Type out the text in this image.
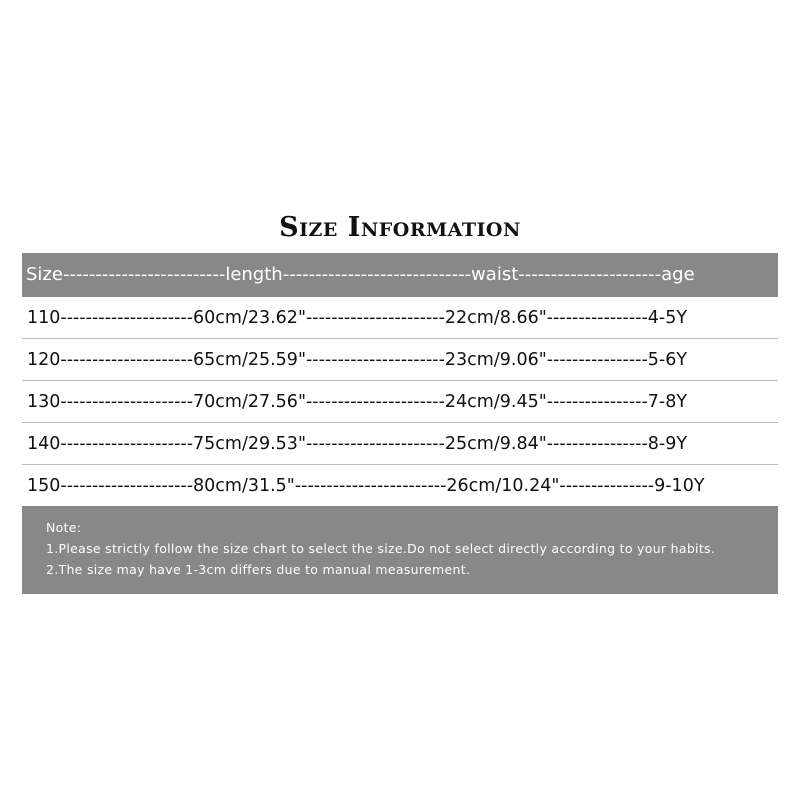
Size Information
Size-------------------------length-----------------------------waist----------------------age
110---------------------60cm/23.62"----------------------22cm/8.66"----------------4-5Y
120---------------------65cm/25.59"----------------------23cm/9.06"----------------5-6Y
130---------------------70cm/27.56"----------------------24cm/9.45"----------------7-8Y
140---------------------75cm/29.53"----------------------25cm/9.84"----------------8-9Y
150---------------------80cm/31.5"------------------------26cm/10.24"---------------9-10Y
Note:
1.Please strictly follow the size chart to select the size.Do not select directly according to your habits.
2.The size may have 1-3cm differs due to manual measurement.
